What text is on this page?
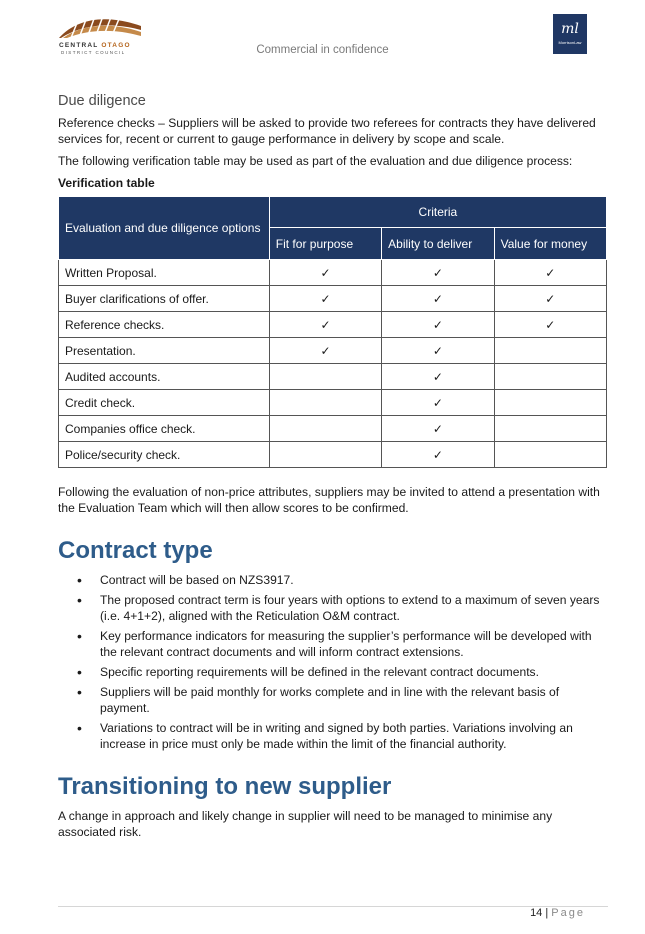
CENTRAL OTAGO
DISTRICT COUNCIL	Commercial in confidence
ml
MorrisonLaw
Due diligence

Reference checks – Suppliers will be asked to provide two referees for contracts they have delivered services for, recent or current to gauge performance in delivery by scope and scale.

The following verification table may be used as part of the evaluation and due diligence process:

Verification table

Evaluation and due diligence options	Criteria		
	Fit for purpose	Ability to deliver	Value for money
Written Proposal.	✓	✓	✓
Buyer clarifications of offer.	✓	✓	✓
Reference checks.	✓	✓	✓
Presentation.	✓	✓	
Audited accounts.		✓	
Credit check.		✓	
Companies office check.		✓	
Police/security check.		✓	

Following the evaluation of non-price attributes, suppliers may be invited to attend a presentation with the Evaluation Team which will then allow scores to be confirmed.

Contract type
• Contract will be based on NZS3917.
• The proposed contract term is four years with options to extend to a maximum of seven years (i.e. 4+1+2), aligned with the Reticulation O&M contract.
• Key performance indicators for measuring the supplier’s performance will be developed with the relevant contract documents and will inform contract extensions.
• Specific reporting requirements will be defined in the relevant contract documents.
• Suppliers will be paid monthly for works complete and in line with the relevant basis of payment.
• Variations to contract will be in writing and signed by both parties. Variations involving an increase in price must only be made within the limit of the financial authority.
Transitioning to new supplier

A change in approach and likely change in supplier will need to be managed to minimise any associated risk.

14 | Page
